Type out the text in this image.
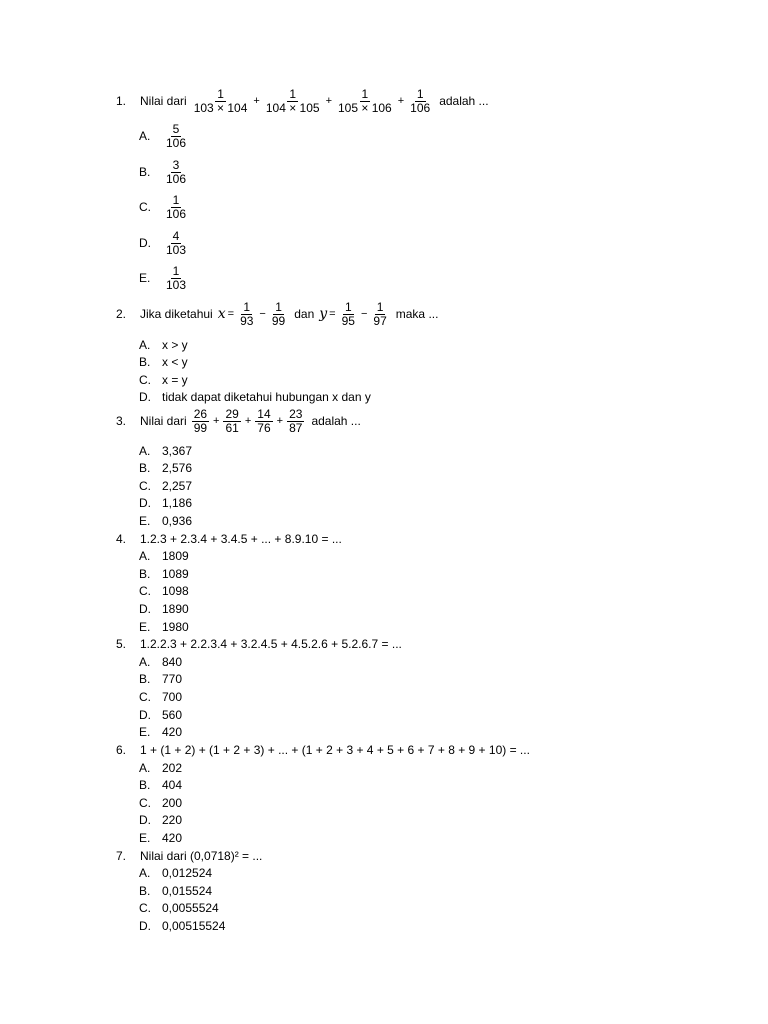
1.	Nilai dari $\frac{1}{103 \times 104} + \frac{1}{104 \times 105} + \frac{1}{105 \times 106} + \frac{1}{106}$ adalah ...
A.	$\frac{5}{106}$
B.	$\frac{3}{106}$
C.	$\frac{1}{106}$
D.	$\frac{4}{103}$
E.	$\frac{1}{103}$
2.	Jika diketahui $x = \frac{1}{93} - \frac{1}{99}$ dan $y = \frac{1}{95} - \frac{1}{97}$ maka ...
A. x > y
B. x < y
C. x = y
D. tidak dapat diketahui hubungan x dan y
3.	Nilai dari $\frac{26}{99} + \frac{29}{61} + \frac{14}{76} + \frac{23}{87}$ adalah ...
A. 3,367
B. 2,576
C. 2,257
D. 1,186
E. 0,936
4.	1.2.3 + 2.3.4 + 3.4.5 + ... + 8.9.10 = ...
A. 1809
B. 1089
C. 1098
D. 1890
E. 1980
5.	1.2.2.3 + 2.2.3.4 + 3.2.4.5 + 4.5.2.6 + 5.2.6.7 = ...
A. 840
B. 770
C. 700
D. 560
E. 420
6.	1 + (1 + 2) + (1 + 2 + 3) + ... + (1 + 2 + 3 + 4 + 5 + 6 + 7 + 8 + 9 + 10) = ...
A. 202
B. 404
C. 200
D. 220
E. 420
7.	Nilai dari (0,0718)² = ...
A. 0,012524
B. 0,015524
C. 0,0055524
D. 0,00515524
